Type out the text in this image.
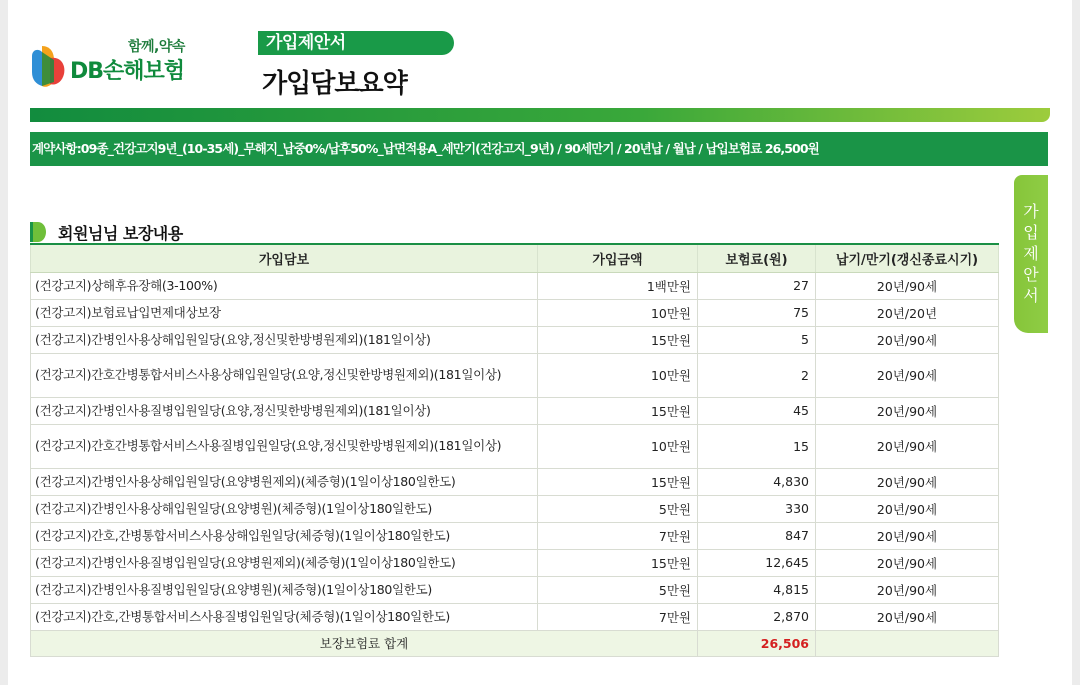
함께,약속
DB손해보험
가입제안서
가입담보요약
계약사항:09종_건강고지9년_(10-35세)_무해지_납중0%/납후50%_납면적용A_세만기(건강고지_9년) / 90세만기 / 20년납 / 월납 / 납입보험료 26,500원
가
입
제
안
서
회원님님 보장내용
가입담보	가입금액	보험료(원)	납기/만기(갱신종료시기)
(건강고지)상해후유장해(3-100%)	1백만원	27	20년/90세
(건강고지)보험료납입면제대상보장	10만원	75	20년/20년
(건강고지)간병인사용상해입원일당(요양,정신및한방병원제외)(181일이상)	15만원	5	20년/90세
(건강고지)간호간병통합서비스사용상해입원일당(요양,정신및한방병원제외)(181일이상)	10만원	2	20년/90세
(건강고지)간병인사용질병입원일당(요양,정신및한방병원제외)(181일이상)	15만원	45	20년/90세
(건강고지)간호간병통합서비스사용질병입원일당(요양,정신및한방병원제외)(181일이상)	10만원	15	20년/90세
(건강고지)간병인사용상해입원일당(요양병원제외)(체증형)(1일이상180일한도)	15만원	4,830	20년/90세
(건강고지)간병인사용상해입원일당(요양병원)(체증형)(1일이상180일한도)	5만원	330	20년/90세
(건강고지)간호,간병통합서비스사용상해입원일당(체증형)(1일이상180일한도)	7만원	847	20년/90세
(건강고지)간병인사용질병입원일당(요양병원제외)(체증형)(1일이상180일한도)	15만원	12,645	20년/90세
(건강고지)간병인사용질병입원일당(요양병원)(체증형)(1일이상180일한도)	5만원	4,815	20년/90세
(건강고지)간호,간병통합서비스사용질병입원일당(체증형)(1일이상180일한도)	7만원	2,870	20년/90세
보장보험료 합계		26,506	
